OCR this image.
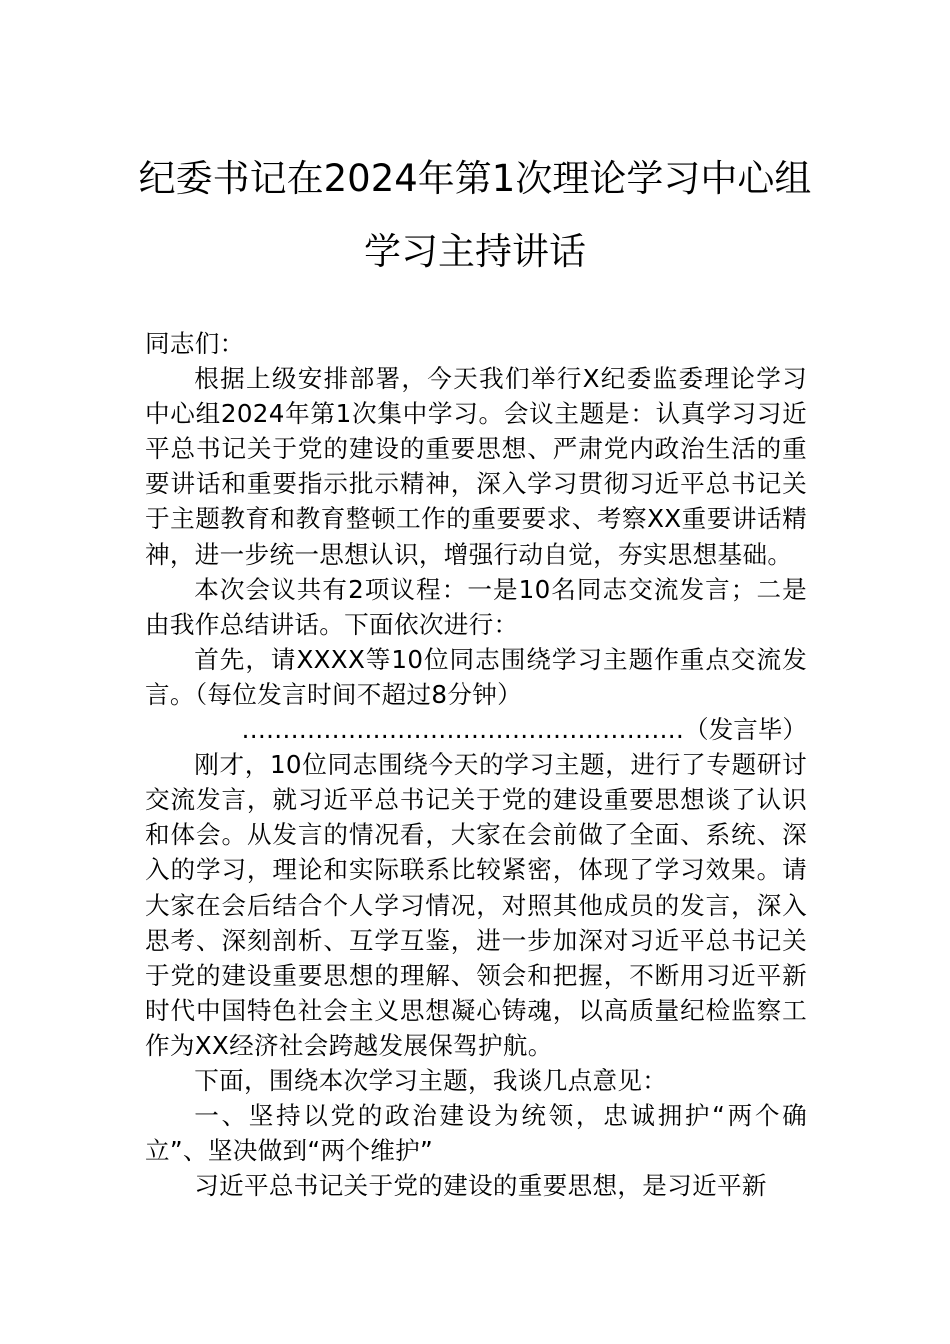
纪委书记在2024年第1次理论学习中心组
学习主持讲话

同志们：

根据上级安排部署，今天我们举行X纪委监委理论学习中心组2024年第1次集中学习。会议主题是：认真学习习近平总书记关于党的建设的重要思想、严肃党内政治生活的重要讲话和重要指示批示精神，深入学习贯彻习近平总书记关于主题教育和教育整顿工作的重要要求、考察XX重要讲话精神，进一步统一思想认识，增强行动自觉，夯实思想基础。

本次会议共有2项议程：一是10名同志交流发言；二是由我作总结讲话。下面依次进行：

首先，请XXXX等10位同志围绕学习主题作重点交流发言。（每位发言时间不超过8分钟）

………………………………………………（发言毕）

刚才，10位同志围绕今天的学习主题，进行了专题研讨交流发言，就习近平总书记关于党的建设重要思想谈了认识和体会。从发言的情况看，大家在会前做了全面、系统、深入的学习，理论和实际联系比较紧密，体现了学习效果。请大家在会后结合个人学习情况，对照其他成员的发言，深入思考、深刻剖析、互学互鉴，进一步加深对习近平总书记关于党的建设重要思想的理解、领会和把握，不断用习近平新时代中国特色社会主义思想凝心铸魂，以高质量纪检监察工作为XX经济社会跨越发展保驾护航。

下面，围绕本次学习主题，我谈几点意见：

一、坚持以党的政治建设为统领，忠诚拥护“两个确立”、坚决做到“两个维护”

习近平总书记关于党的建设的重要思想，是习近平新
